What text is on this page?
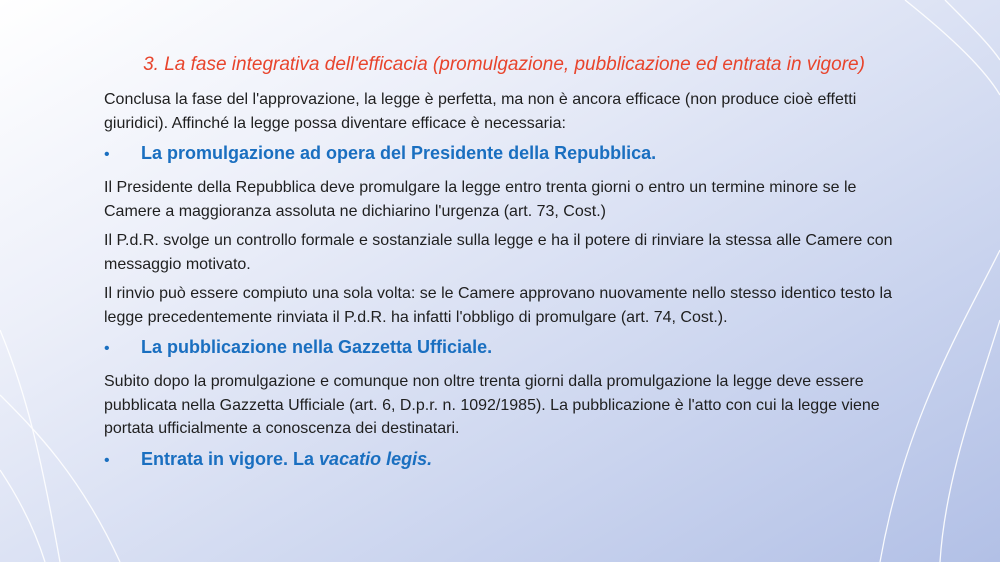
3. La fase integrativa dell'efficacia (promulgazione, pubblicazione ed entrata in vigore)

Conclusa la fase del l'approvazione, la legge è perfetta, ma non è ancora efficace (non produce cioè effetti giuridici). Affinché la legge possa diventare efficace è necessaria:

•	La promulgazione ad opera del Presidente della Repubblica.

Il Presidente della Repubblica deve promulgare la legge entro trenta giorni o entro un termine minore se le Camere a maggioranza assoluta ne dichiarino l'urgenza (art. 73, Cost.)

Il P.d.R. svolge un controllo formale e sostanziale sulla legge e ha il potere di rinviare la stessa alle Camere con messaggio motivato.

Il rinvio può essere compiuto una sola volta: se le Camere approvano nuovamente nello stesso identico testo la legge precedentemente rinviata il P.d.R. ha infatti l'obbligo di promulgare (art. 74, Cost.).

•	La pubblicazione nella Gazzetta Ufficiale.

Subito dopo la promulgazione e comunque non oltre trenta giorni dalla promulgazione la legge deve essere pubblicata nella Gazzetta Ufficiale (art. 6, D.p.r. n. 1092/1985). La pubblicazione è l'atto con cui la legge viene portata ufficialmente a conoscenza dei destinatari.

•	Entrata in vigore. La vacatio legis.
